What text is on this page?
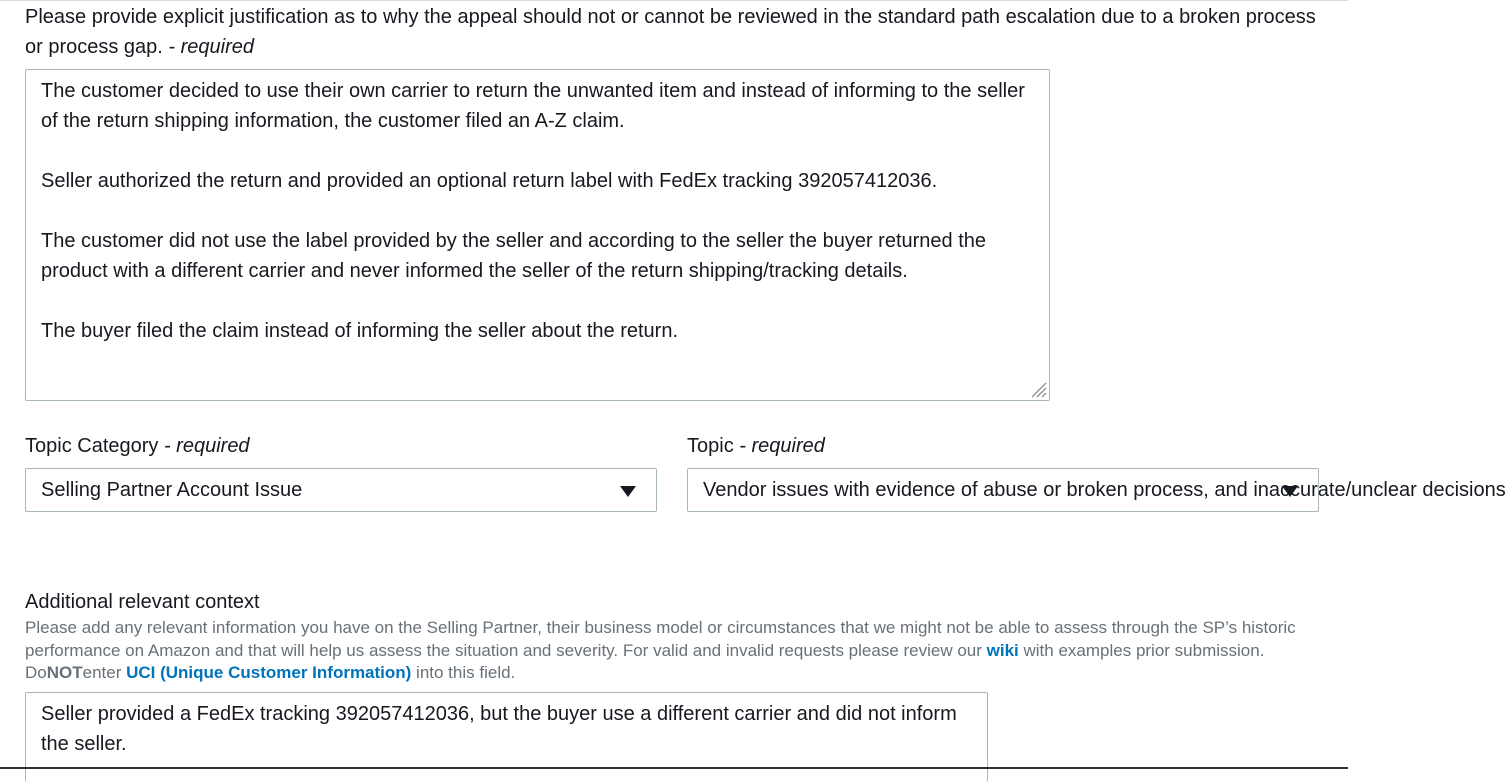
Please provide explicit justification as to why the appeal should not or cannot be reviewed in the standard path escalation due to a broken process or process gap. - required
The customer decided to use their own carrier to return the unwanted item and instead of informing to the seller of the return shipping information, the customer filed an A-Z claim.

Seller authorized the return and provided an optional return label with FedEx tracking 392057412036.

The customer did not use the label provided by the seller and according to the seller the buyer returned the product with a different carrier and never informed the seller of the return shipping/tracking details.

The buyer filed the claim instead of informing the seller about the return.
Topic Category - required	Topic - required
Selling Partner Account Issue	Vendor issues with evidence of abuse or broken process, and inaccurate/unclear decisions
Additional relevant context
Please add any relevant information you have on the Selling Partner, their business model or circumstances that we might not be able to assess through the SP’s historic performance on Amazon and that will help us assess the situation and severity. For valid and invalid requests please review our wiki with examples prior submission. DoNOTenter UCI (Unique Customer Information) into this field.
Seller provided a FedEx tracking 392057412036, but the buyer use a different carrier and did not inform the seller.
